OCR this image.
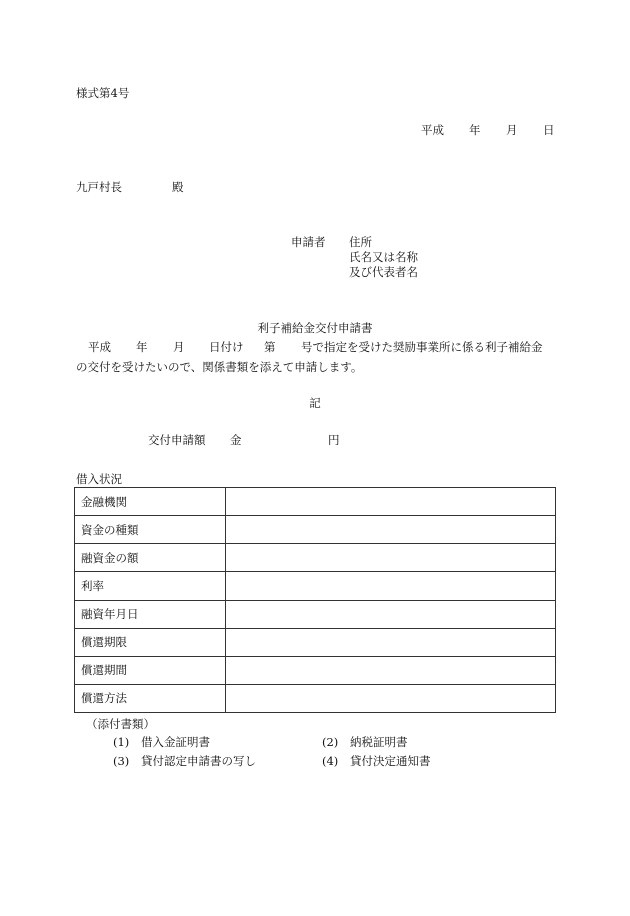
様式第4号
平成 年 月 日
九戸村長	殿
申請者 住所
氏名又は名称
及び代表者名
利子補給金交付申請書

平成 年 月 日付け 第 号で指定を受けた奨励事業所に係る利子補給金

の交付を受けたいので、関係書類を添えて申請します。

記
交付申請額 金	円
借入状況
金融機関	
資金の種類	
融資金の額	
利率	
融資年月日	
償還期限	
償還期間	
償還方法	
（添付書類）
(1) 借入金証明書	(2) 納税証明書
(3) 貸付認定申請書の写し	(4) 貸付決定通知書
